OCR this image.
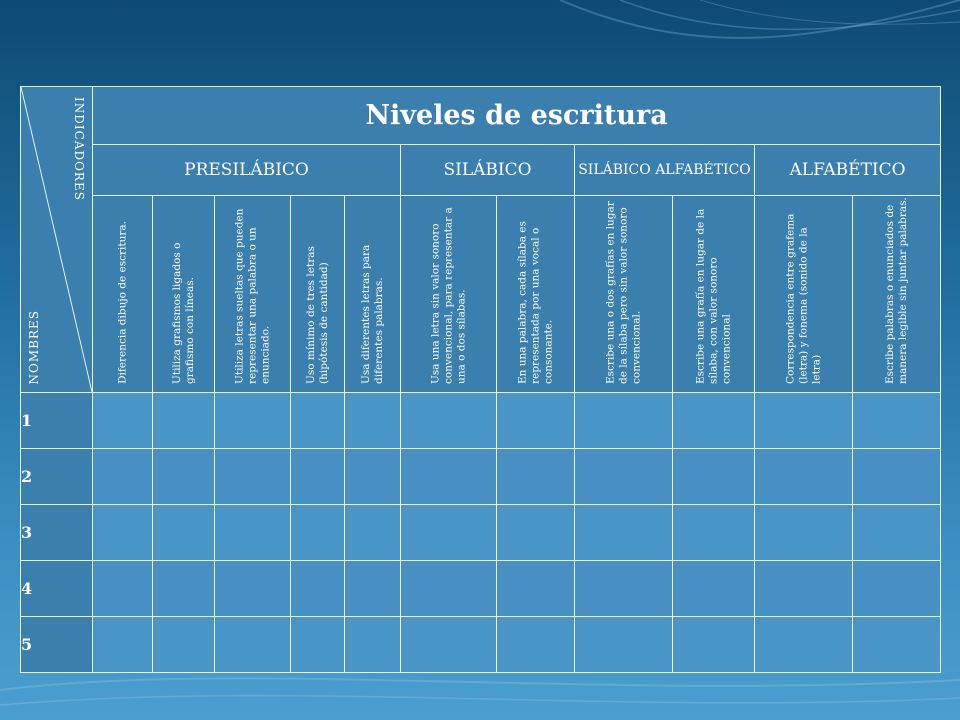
INDICADORES
NOMBRES	Niveles de escritura										
	PRESILÁBICO					SILÁBICO		SILÁBICO ALFABÉTICO		ALFABÉTICO	

	Diferencia dibujo de escritura.	Utiliza grafismos ligados o grafismo con líneas.	Utiliza letras sueltas que pueden representar una palabra o un enunciado.	Uso mínimo de tres letras (hipótesis de cantidad)	Usa diferentes letras para diferentes palabras.	Usa una letra sin valor sonoro convencional, para representar a una o dos sílabas.	En una palabra, cada sílaba es representada por una vocal o consonante.	Escribe una o dos grafías en lugar de la sílaba pero sin valor sonoro convencional.	Escribe una grafía en lugar de la sílaba, con valor sonoro convencional	Correspondencia entre grafema (letra) y fonema (sonido de la letra)	Escribe palabras o enunciados de manera legible sin juntar palabras.

1											
2											
3											
4											
5											
